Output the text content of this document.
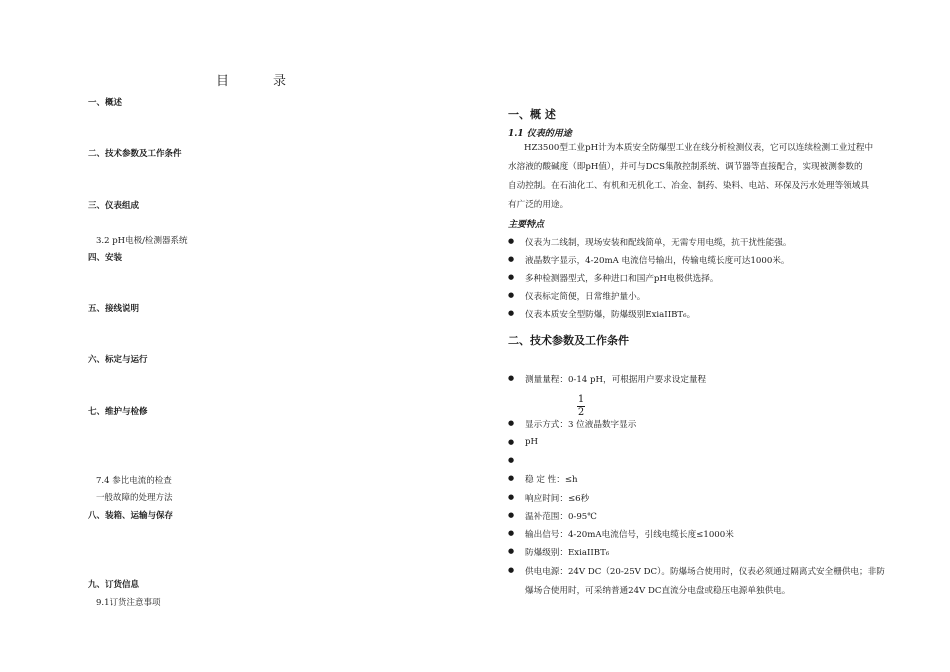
目	录
一、概述
二、技术参数及工作条件
三、仪表组成
3.2 pH电极/检测器系统
四、安装
五、接线说明
六、标定与运行
七、维护与检修
7.4 参比电流的检查
一般故障的处理方法
八、装箱、运输与保存
九、订货信息
9.1订货注意事项
一、概 述
1.1 仪表的用途
HZ3500型工业pH计为本质安全防爆型工业在线分析检测仪表，它可以连续检测工业过程中
水溶液的酸碱度（即pH值），并可与DCS集散控制系统、调节器等直接配合，实现被测参数的
自动控制。在石油化工、有机和无机化工、冶金、制药、染料、电站、环保及污水处理等领域具
有广泛的用途。
主要特点
● 仪表为二线制，现场安装和配线简单，无需专用电缆，抗干扰性能强。
● 液晶数字显示，4-20mA 电流信号输出，传输电缆长度可达1000米。
● 多种检测器型式，多种进口和国产pH电极供选择。
● 仪表标定简便，日常维护量小。
● 仪表本质安全型防爆，防爆级别ExiaIIBT₆。
二、技术参数及工作条件
● 测量量程：0-14 pH，可根据用户要求设定量程
1
2
● 显示方式：3 位液晶数字显示
● pH
● 稳 定 性：≤h
● 响应时间：≤6秒
● 温补范围：0-95℃
● 输出信号：4-20mA电流信号，引线电缆长度≤1000米
● 防爆级别：ExiaIIBT₆
● 供电电源：24V DC（20-25V DC）。防爆场合使用时，仪表必须通过隔离式安全栅供电；非防
爆场合使用时，可采纳普通24V DC直流分电盘或稳压电源单独供电。
